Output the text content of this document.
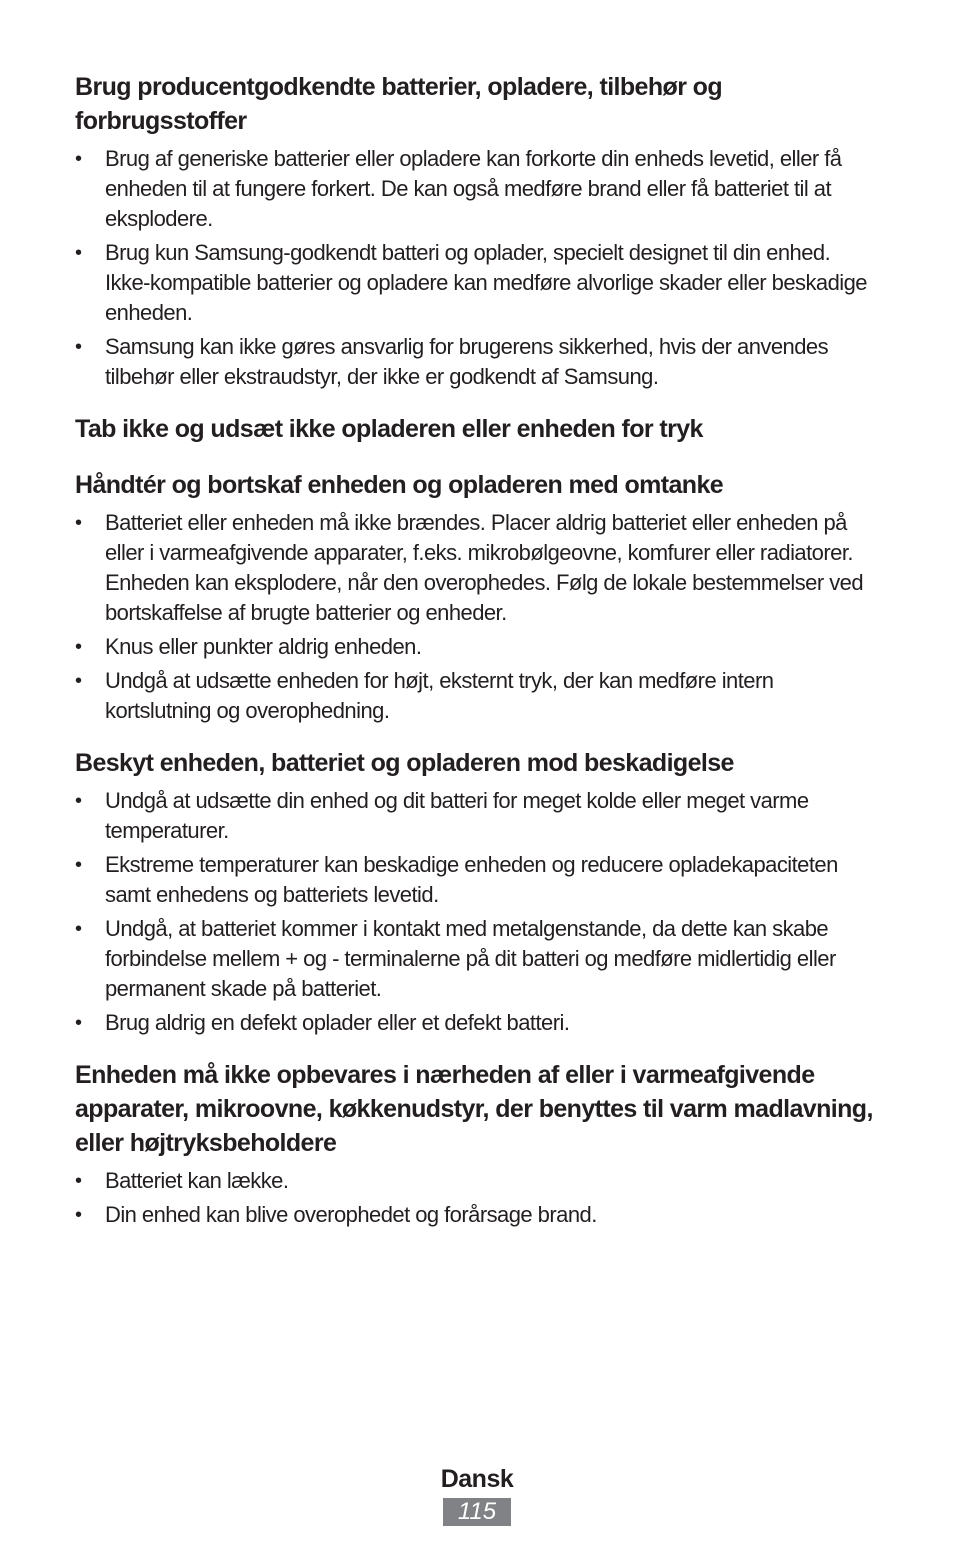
Brug producentgodkendte batterier, opladere, tilbehør og forbrugsstoffer
•	Brug af generiske batterier eller opladere kan forkorte din enheds levetid, eller få enheden til at fungere forkert. De kan også medføre brand eller få batteriet til at eksplodere.
•	Brug kun Samsung-godkendt batteri og oplader, specielt designet til din enhed. Ikke-kompatible batterier og opladere kan medføre alvorlige skader eller beskadige enheden.
•	Samsung kan ikke gøres ansvarlig for brugerens sikkerhed, hvis der anvendes tilbehør eller ekstraudstyr, der ikke er godkendt af Samsung.
Tab ikke og udsæt ikke opladeren eller enheden for tryk
Håndtér og bortskaf enheden og opladeren med omtanke
•	Batteriet eller enheden må ikke brændes. Placer aldrig batteriet eller enheden på eller i varmeafgivende apparater, f.eks. mikrobølgeovne, komfurer eller radiatorer. Enheden kan eksplodere, når den overophedes. Følg de lokale bestemmelser ved bortskaffelse af brugte batterier og enheder.
•	Knus eller punkter aldrig enheden.
•	Undgå at udsætte enheden for højt, eksternt tryk, der kan medføre intern kortslutning og overophedning.
Beskyt enheden, batteriet og opladeren mod beskadigelse
•	Undgå at udsætte din enhed og dit batteri for meget kolde eller meget varme temperaturer.
•	Ekstreme temperaturer kan beskadige enheden og reducere opladekapaciteten samt enhedens og batteriets levetid.
•	Undgå, at batteriet kommer i kontakt med metalgenstande, da dette kan skabe forbindelse mellem + og - terminalerne på dit batteri og medføre midlertidig eller permanent skade på batteriet.
•	Brug aldrig en defekt oplader eller et defekt batteri.
Enheden må ikke opbevares i nærheden af eller i varmeafgivende apparater, mikroovne, køkkenudstyr, der benyttes til varm madlavning, eller højtryksbeholdere
•	Batteriet kan lække.
•	Din enhed kan blive overophedet og forårsage brand.
Dansk
115
